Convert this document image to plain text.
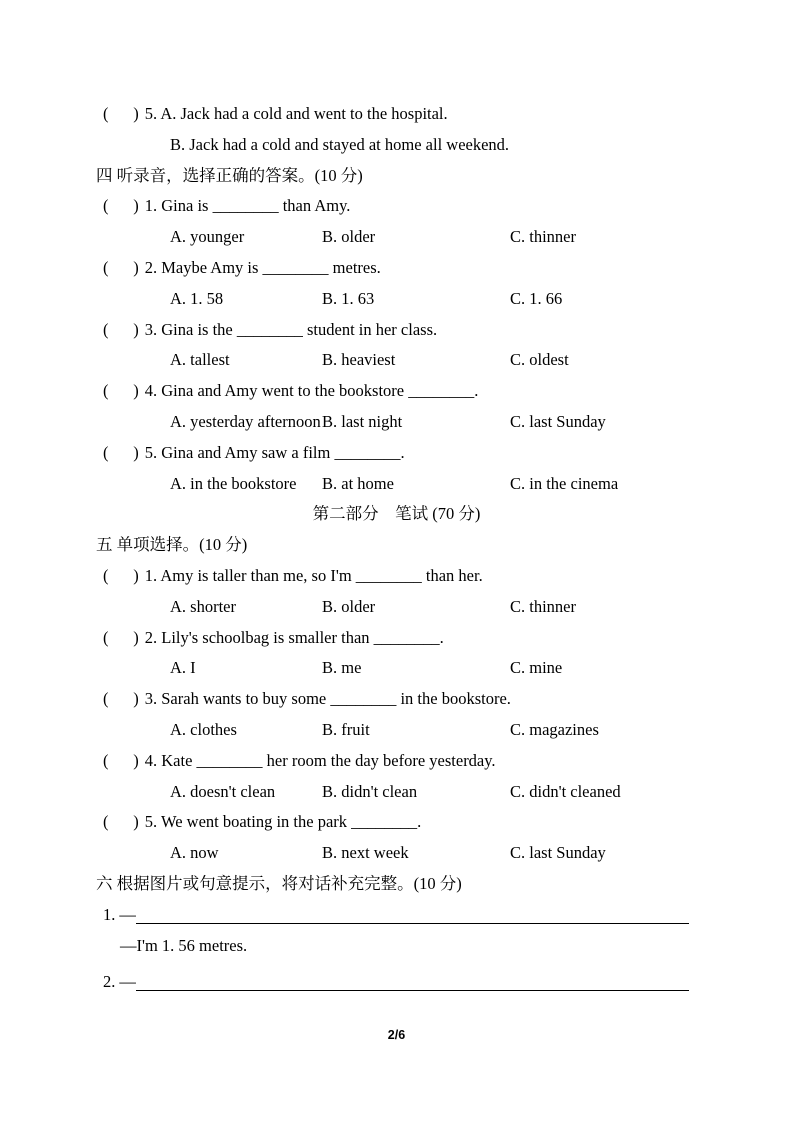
(      ) 5. A. Jack had a cold and went to the hospital.
B. Jack had a cold and stayed at home all weekend.
四 听录音，选择正确的答案。(10 分)
(      ) 1. Gina is ________ than Amy.
A. younger	B. older	C. thinner
(      ) 2. Maybe Amy is ________ metres.
A. 1. 58	B. 1. 63	C. 1. 66
(      ) 3. Gina is the ________ student in her class.
A. tallest	B. heaviest	C. oldest
(      ) 4. Gina and Amy went to the bookstore ________.
A. yesterday afternoon B. last night	C. last Sunday
(      ) 5. Gina and Amy saw a film ________.
A. in the bookstore	B. at home	C. in the cinema
第二部分　笔试 (70 分)
五 单项选择。(10 分)
(      ) 1. Amy is taller than me, so I'm ________ than her.
A. shorter	B. older	C. thinner
(      ) 2. Lily's schoolbag is smaller than ________.
A. I	B. me	C. mine
(      ) 3. Sarah wants to buy some ________ in the bookstore.
A. clothes	B. fruit	C. magazines
(      ) 4. Kate ________ her room the day before yesterday.
A. doesn't clean	B. didn't clean	C. didn't cleaned
(      ) 5. We went boating in the park ________.
A. now	B. next week	C. last Sunday
六 根据图片或句意提示，将对话补充完整。(10 分)
1. —
—I'm 1. 56 metres.
2. —
2/6
